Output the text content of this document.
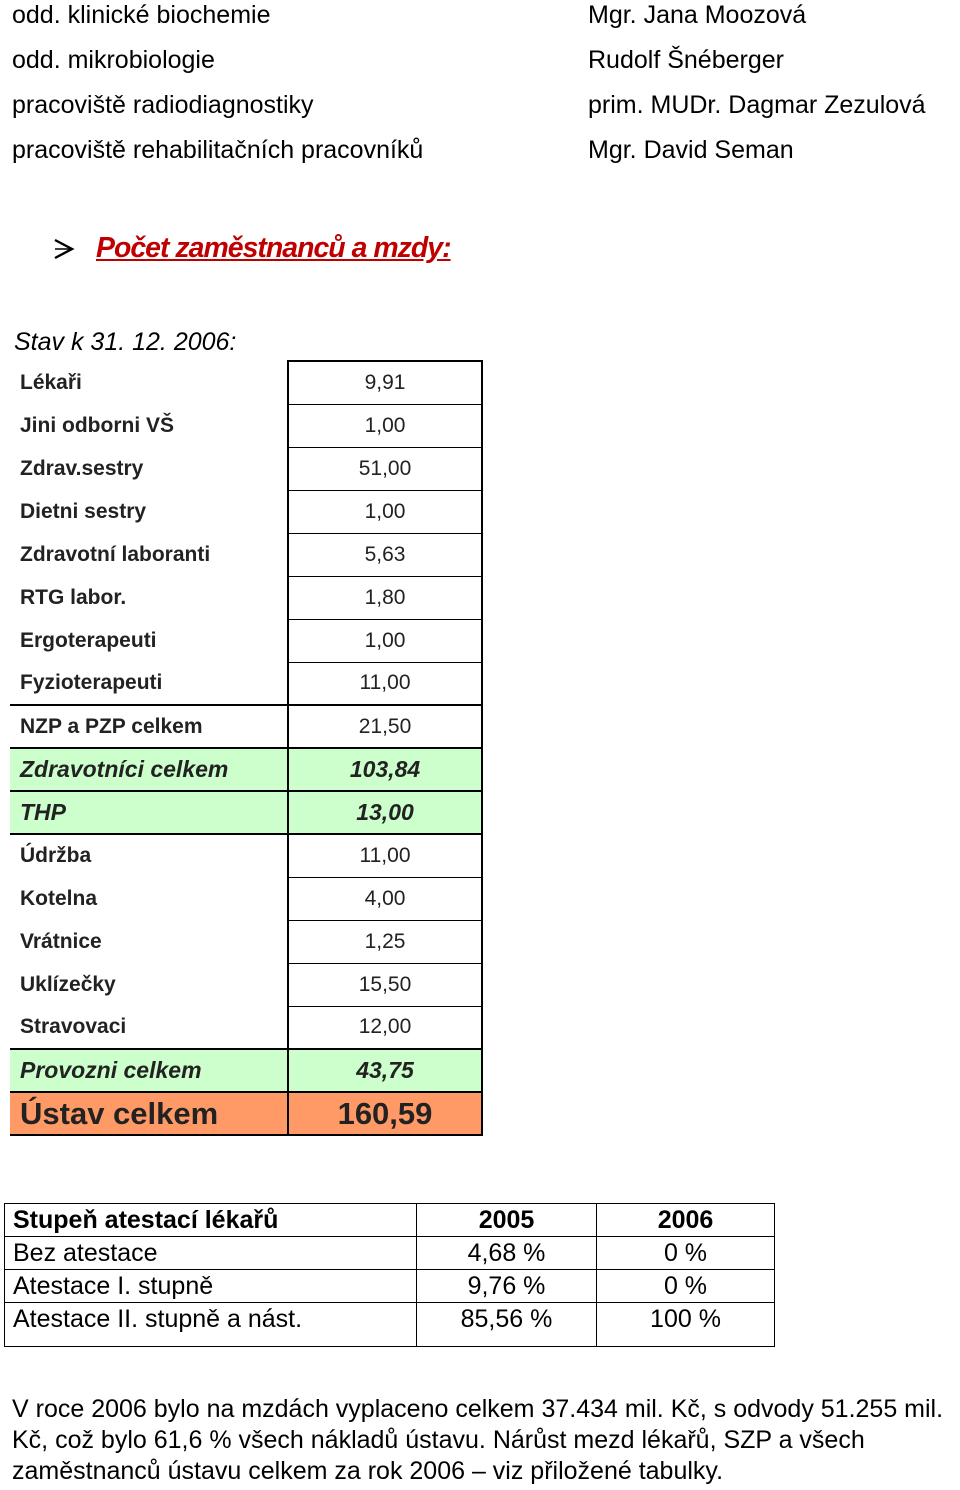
odd. klinické biochemie	Mgr. Jana Moozová
odd. mikrobiologie	Rudolf Šnéberger
pracoviště radiodiagnostiky	prim. MUDr. Dagmar Zezulová
pracoviště rehabilitačních pracovníků	Mgr. David Seman
Počet zaměstnanců a mzdy:
Stav k 31. 12. 2006:
Lékaři	9,91
Jini odborni VŠ	1,00
Zdrav.sestry	51,00
Dietni sestry	1,00
Zdravotní laboranti	5,63
RTG labor.	1,80
Ergoterapeuti	1,00
Fyzioterapeuti	11,00
NZP a PZP celkem	21,50
Zdravotníci celkem	103,84
THP	13,00
Údržba	11,00
Kotelna	4,00
Vrátnice	1,25
Uklízečky	15,50
Stravovaci	12,00
Provozni celkem	43,75
Ústav celkem	160,59
Stupeň atestací lékařů	2005	2006
Bez atestace	4,68 %	0 %
Atestace I. stupně	9,76 %	0 %
Atestace II. stupně a nást.	85,56 %	100 %
V roce 2006 bylo na mzdách vyplaceno celkem 37.434 mil. Kč, s odvody 51.255 mil. Kč, což bylo 61,6 % všech nákladů ústavu. Nárůst mezd lékařů, SZP a všech zaměstnanců ústavu celkem za rok 2006 – viz přiložené tabulky.
